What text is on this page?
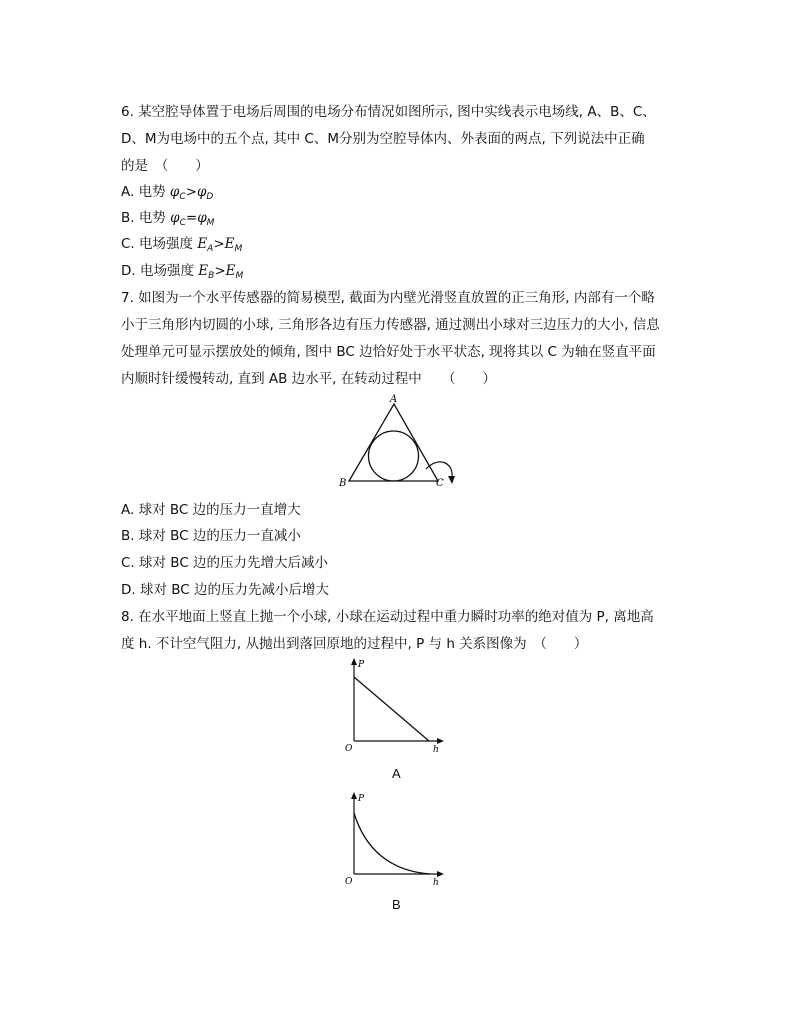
6. 某空腔导体置于电场后周围的电场分布情况如图所示, 图中实线表示电场线, A、B、C、
D、M为电场中的五个点, 其中 C、M分别为空腔导体内、外表面的两点, 下列说法中正确
的是　（　　）
A. 电势 $\varphi_C>\varphi_D$
B. 电势 $\varphi_C=\varphi_M$
C. 电场强度 $E_A>E_M$
D. 电场强度 $E_B>E_M$
7. 如图为一个水平传感器的简易模型, 截面为内壁光滑竖直放置的正三角形, 内部有一个略
小于三角形内切圆的小球, 三角形各边有压力传感器, 通过测出小球对三边压力的大小, 信息
处理单元可显示摆放处的倾角, 图中 BC 边恰好处于水平状态, 现将其以 C 为轴在竖直平面
内顺时针缓慢转动, 直到 AB 边水平, 在转动过程中　　（　　）
A
B	C
A. 球对 BC 边的压力一直增大
B. 球对 BC 边的压力一直减小
C. 球对 BC 边的压力先增大后减小
D. 球对 BC 边的压力先减小后增大
8. 在水平地面上竖直上抛一个小球, 小球在运动过程中重力瞬时功率的绝对值为 P, 离地高
度 h. 不计空气阻力, 从抛出到落回原地的过程中, P 与 h 关系图像为　（　　）
P
h
O
A
P
h
O
B
